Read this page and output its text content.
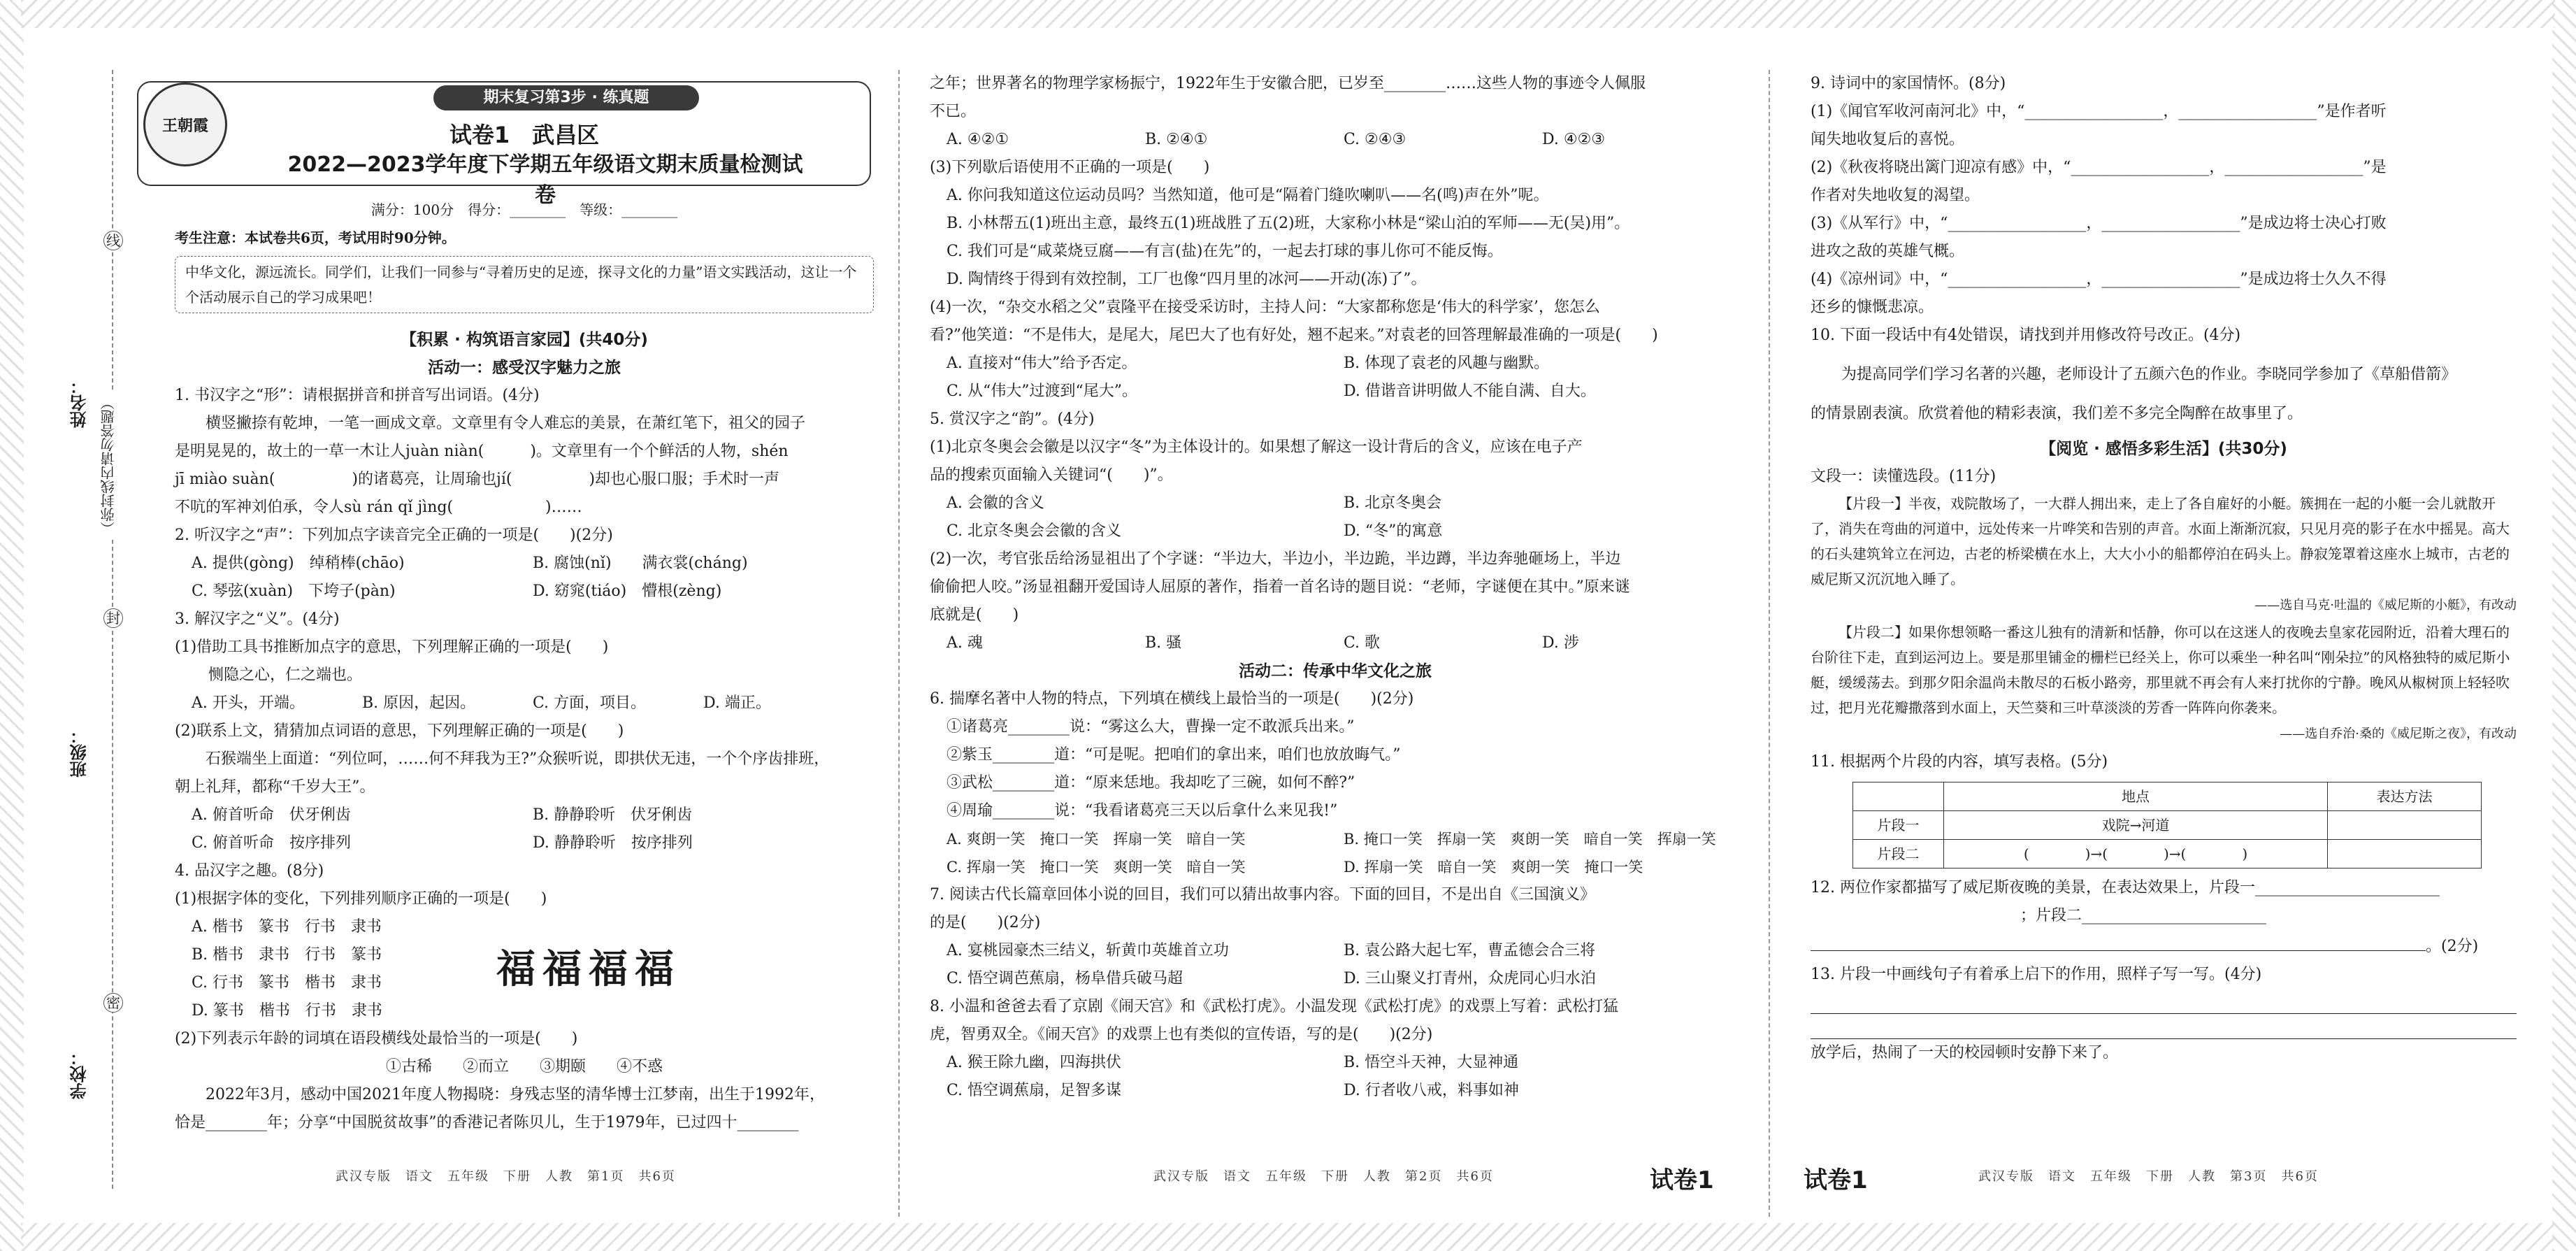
姓名：
班级：
学校：
（弥封线内请勿答题）
线
封
密
王朝霞
期末复习第3步 · 练真题
试卷1　武昌区
2022—2023学年度下学期五年级语文期末质量检测试卷
满分：100分　得分：________　等级：________
考生注意：本试卷共6页，考试用时90分钟。
中华文化，源远流长。同学们，让我们一同参与“寻着历史的足迹，探寻文化的力量”语文实践活动，这让一个个活动展示自己的学习成果吧！
【积累 · 构筑语言家园】(共40分)
活动一：感受汉字魅力之旅
1. 书汉字之“形”：请根据拼音和拼音写出词语。(4分)
横竖撇捺有乾坤，一笔一画成文章。文章里有令人难忘的美景，在萧红笔下，祖父的园子
是明晃晃的，故土的一草一木让人juàn niàn(　　　)。文章里有一个个鲜活的人物，shén
jī miào suàn(　　　　　)的诸葛亮，让周瑜也jí(　　　　　)却也心服口服；手术时一声
不吭的军神刘伯承，令人sù rán qǐ jìng(　　　　　　)……
2. 听汉字之“声”：下列加点字读音完全正确的一项是(　　)(2分)
A. 提供(gòng)　绰稍棒(chāo)	B. 腐蚀(nǐ)　　满衣裳(cháng)
C. 琴弦(xuàn)　下垮子(pàn)	D. 窈窕(tiáo)　懵根(zèng)
3. 解汉字之“义”。(4分)
(1)借助工具书推断加点字的意思，下列理解正确的一项是(　　)
恻隐之心，仁之端也。
A. 开头，开端。	B. 原因，起因。	C. 方面，项目。	D. 端正。
(2)联系上文，猜猜加点词语的意思，下列理解正确的一项是(　　)
石猴端坐上面道：“列位呵，……何不拜我为王?”众猴听说，即拱伏无违，一个个序齿排班，
朝上礼拜，都称“千岁大王”。
A. 俯首听命　伏牙俐齿	B. 静静聆听　伏牙俐齿
C. 俯首听命　按序排列	D. 静静聆听　按序排列
4. 品汉字之趣。(8分)
(1)根据字体的变化，下列排列顺序正确的一项是(　　)
A. 楷书　篆书　行书　隶书
B. 楷书　隶书　行书　篆书
C. 行书　篆书　楷书　隶书
D. 篆书　楷书　行书　隶书
福福福福
(2)下列表示年龄的词填在语段横线处最恰当的一项是(　　)
①古稀　　②而立　　③期颐　　④不惑
2022年3月，感动中国2021年度人物揭晓：身残志坚的清华博士江梦南，出生于1992年，
恰是________年；分享“中国脱贫故事”的香港记者陈贝儿，生于1979年，已过四十________
武汉专版　语文　五年级　下册　人教　第1页　共6页
之年；世界著名的物理学家杨振宁，1922年生于安徽合肥，已岁至________……这些人物的事迹令人佩服
不已。
A. ④②①	B. ②④①	C. ②④③	D. ④②③
(3)下列歇后语使用不正确的一项是(　　)
A. 你问我知道这位运动员吗？当然知道，他可是“隔着门缝吹喇叭——名(鸣)声在外”呢。
B. 小林帮五(1)班出主意，最终五(1)班战胜了五(2)班，大家称小林是“梁山泊的军师——无(吴)用”。
C. 我们可是“咸菜烧豆腐——有言(盐)在先”的，一起去打球的事儿你可不能反悔。
D. 陶情终于得到有效控制，工厂也像“四月里的冰河——开动(冻)了”。
(4)一次，“杂交水稻之父”袁隆平在接受采访时，主持人问：“大家都称您是‘伟大的科学家’，您怎么
看?”他笑道：“不是伟大，是尾大，尾巴大了也有好处，翘不起来。”对袁老的回答理解最准确的一项是(　　)
A. 直接对“伟大”给予否定。	B. 体现了袁老的风趣与幽默。
C. 从“伟大”过渡到“尾大”。	D. 借谐音讲明做人不能自满、自大。
5. 赏汉字之“韵”。(4分)
(1)北京冬奥会会徽是以汉字“冬”为主体设计的。如果想了解这一设计背后的含义，应该在电子产
品的搜索页面输入关键词“(　　)”。
A. 会徽的含义	B. 北京冬奥会
C. 北京冬奥会会徽的含义	D. “冬”的寓意
(2)一次，考官张岳给汤显祖出了个字谜：“半边大，半边小，半边跪，半边蹲，半边奔驰砸场上，半边
偷偷把人咬。”汤显祖翻开爱国诗人屈原的著作，指着一首名诗的题目说：“老师，字谜便在其中。”原来谜
底就是(　　)
A. 魂	B. 骚	C. 歌	D. 涉
活动二：传承中华文化之旅
6. 揣摩名著中人物的特点，下列填在横线上最恰当的一项是(　　)(2分)
①诸葛亮________说：“雾这么大，曹操一定不敢派兵出来。”
②紫玉________道：“可是呢。把咱们的拿出来，咱们也放放晦气。”
③武松________道：“原来恁地。我却吃了三碗，如何不醉?”
④周瑜________说：“我看诸葛亮三天以后拿什么来见我!”
A. 爽朗一笑　掩口一笑　挥扇一笑　暗自一笑	B. 掩口一笑　挥扇一笑　爽朗一笑　暗自一笑　挥扇一笑
C. 挥扇一笑　掩口一笑　爽朗一笑　暗自一笑	D. 挥扇一笑　暗自一笑　爽朗一笑　掩口一笑
7. 阅读古代长篇章回体小说的回目，我们可以猜出故事内容。下面的回目，不是出自《三国演义》
的是(　　)(2分)
A. 宴桃园豪杰三结义，斩黄巾英雄首立功	B. 袁公路大起七军，曹孟德会合三将
C. 悟空调芭蕉扇，杨阜借兵破马超	D. 三山聚义打青州，众虎同心归水泊
8. 小温和爸爸去看了京剧《闹天宫》和《武松打虎》。小温发现《武松打虎》的戏票上写着：武松打猛
虎，智勇双全。《闹天宫》的戏票上也有类似的宣传语，写的是(　　)(2分)
A. 猴王除九幽，四海拱伏	B. 悟空斗天神，大显神通
C. 悟空调蕉扇，足智多谋	D. 行者收八戒，料事如神
武汉专版　语文　五年级　下册　人教　第2页　共6页	试卷1
9. 诗词中的家国情怀。(8分)
(1)《闻官军收河南河北》中，“__________________，__________________”是作者听
闻失地收复后的喜悦。
(2)《秋夜将晓出篱门迎凉有感》中，“__________________，__________________”是
作者对失地收复的渴望。
(3)《从军行》中，“__________________，__________________”是成边将士决心打败
进攻之敌的英雄气概。
(4)《凉州词》中，“__________________，__________________”是成边将士久久不得
还乡的慷慨悲凉。
10. 下面一段话中有4处错误，请找到并用修改符号改正。(4分)
为提高同学们学习名著的兴趣，老师设计了五颜六色的作业。李晓同学参加了《草船借箭》
的情景剧表演。欣赏着他的精彩表演，我们差不多完全陶醉在故事里了。
【阅览 · 感悟多彩生活】(共30分)
文段一：读懂选段。(11分)
【片段一】半夜，戏院散场了，一大群人拥出来，走上了各自雇好的小艇。簇拥在一起的小艇一会儿就散开了，消失在弯曲的河道中，远处传来一片哗笑和告别的声音。水面上渐渐沉寂，只见月亮的影子在水中摇晃。高大的石头建筑耸立在河边，古老的桥梁横在水上，大大小小的船都停泊在码头上。静寂笼罩着这座水上城市，古老的威尼斯又沉沉地入睡了。
——选自马克·吐温的《威尼斯的小艇》，有改动
【片段二】如果你想领略一番这儿独有的清新和恬静，你可以在这迷人的夜晚去皇家花园附近，沿着大理石的台阶往下走，直到运河边上。要是那里铺金的栅栏已经关上，你可以乘坐一种名叫“刚朵拉”的风格独特的威尼斯小艇，缓缓荡去。到那夕阳余温尚未散尽的石板小路旁，那里就不再会有人来打扰你的宁静。晚风从椒树顶上轻轻吹过，把月光花瓣撒落到水面上，天竺葵和三叶草淡淡的芳香一阵阵向你袭来。
——选自乔治·桑的《威尼斯之夜》，有改动
11. 根据两个片段的内容，填写表格。(5分)
	地点	表达方法
片段一	戏院→河道	
片段二	(　　　　)→(　　　　)→(　　　　)	
12. 两位作家都描写了威尼斯夜晚的美景，在表达效果上，片段一________________________
；片段二________________________
。(2分)
13. 片段一中画线句子有着承上启下的作用，照样子写一写。(4分)
放学后，热闹了一天的校园顿时安静下来了。
试卷1	武汉专版　语文　五年级　下册　人教　第3页　共6页
